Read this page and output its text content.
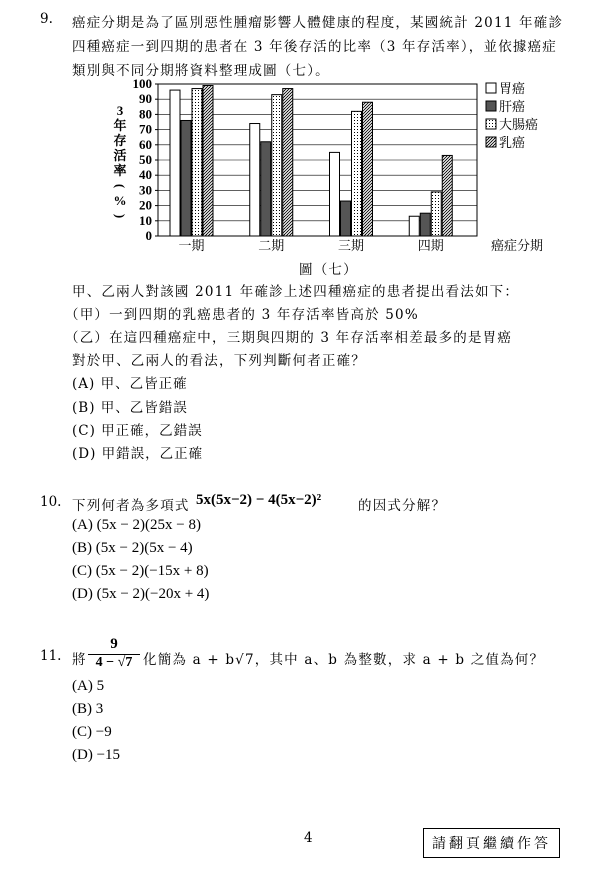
9. 癌症分期是為了區別惡性腫瘤影響人體健康的程度，某國統計 2011 年確診
四種癌症一到四期的患者在 3 年後存活的比率（3 年存活率），並依據癌症
類別與不同分期將資料整理成圖（七）。
0
10
20
30
40
50
60
70
80
90
100
3
年
存
活
率
(
%
)
一期	二期	三期	四期	癌症分期
胃癌
肝癌
大腸癌
乳癌
圖（七）
甲、乙兩人對該國 2011 年確診上述四種癌症的患者提出看法如下：
（甲）一到四期的乳癌患者的 3 年存活率皆高於 50%
（乙）在這四種癌症中，三期與四期的 3 年存活率相差最多的是胃癌
對於甲、乙兩人的看法，下列判斷何者正確？
(A) 甲、乙皆正確
(B) 甲、乙皆錯誤
(C) 甲正確，乙錯誤
(D) 甲錯誤，乙正確
10. 下列何者為多項式 5x(5x−2) − 4(5x−2)²	的因式分解？
(A) (5x − 2)(25x − 8)
(B) (5x − 2)(5x − 4)
(C) (5x − 2)(−15x + 8)
(D) (5x − 2)(−20x + 4)
11. 將 $\frac{9}{4 - √7}$ 化簡為 a + b√7，其中 a、b 為整數，求 a + b 之值為何？
(A) 5
(B) 3
(C) −9
(D) −15
4	請翻頁繼續作答
